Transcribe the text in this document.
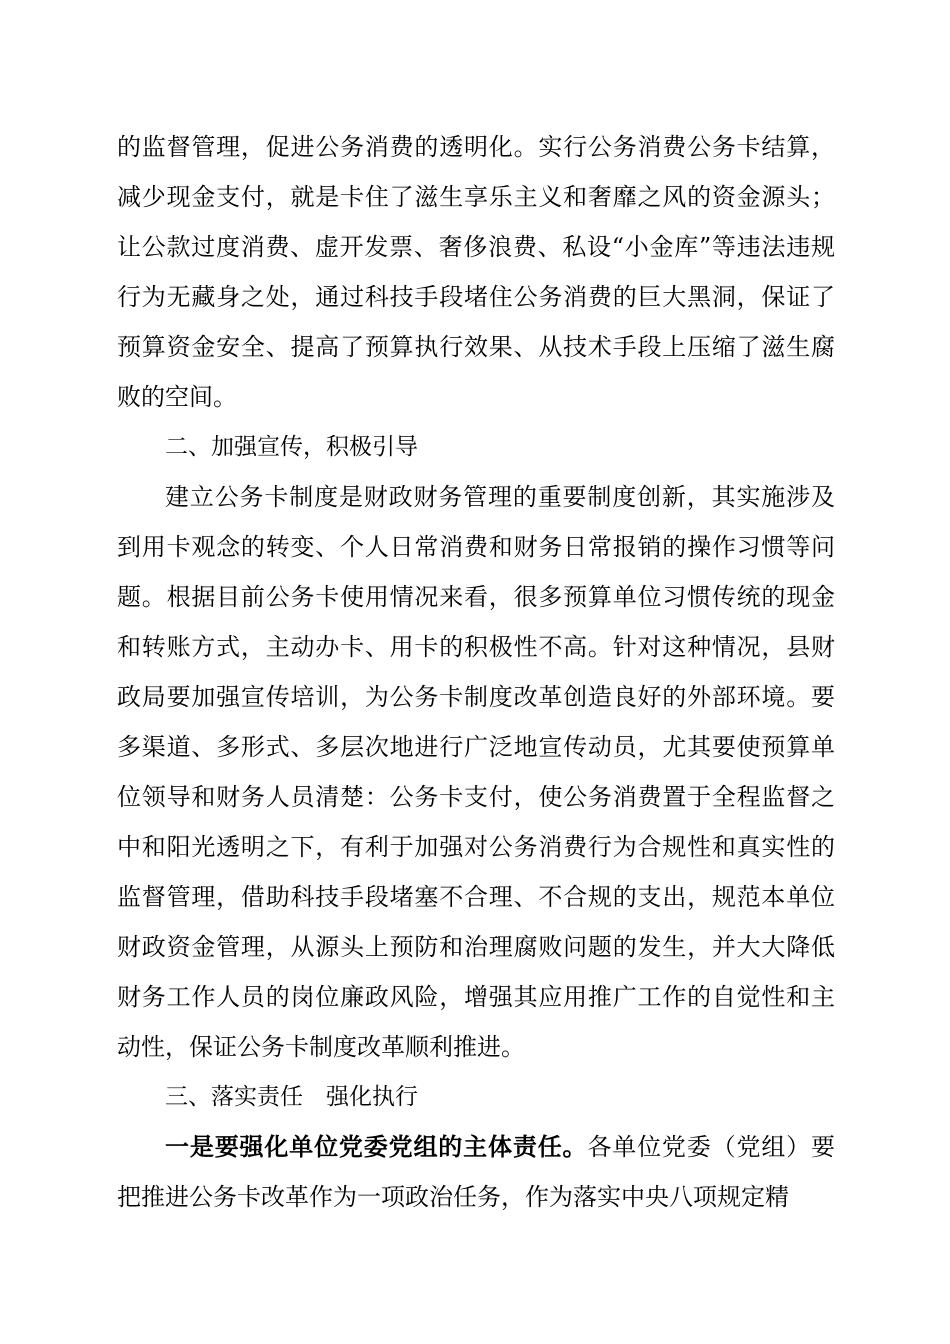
的监督管理，促进公务消费的透明化。实行公务消费公务卡结算，减少现金支付，就是卡住了滋生享乐主义和奢靡之风的资金源头；让公款过度消费、虚开发票、奢侈浪费、私设“小金库”等违法违规行为无藏身之处，通过科技手段堵住公务消费的巨大黑洞，保证了预算资金安全、提高了预算执行效果、从技术手段上压缩了滋生腐败的空间。

二、加强宣传，积极引导

建立公务卡制度是财政财务管理的重要制度创新，其实施涉及到用卡观念的转变、个人日常消费和财务日常报销的操作习惯等问题。根据目前公务卡使用情况来看，很多预算单位习惯传统的现金和转账方式，主动办卡、用卡的积极性不高。针对这种情况，县财政局要加强宣传培训，为公务卡制度改革创造良好的外部环境。要多渠道、多形式、多层次地进行广泛地宣传动员，尤其要使预算单位领导和财务人员清楚：公务卡支付，使公务消费置于全程监督之中和阳光透明之下，有利于加强对公务消费行为合规性和真实性的监督管理，借助科技手段堵塞不合理、不合规的支出，规范本单位财政资金管理，从源头上预防和治理腐败问题的发生，并大大降低财务工作人员的岗位廉政风险，增强其应用推广工作的自觉性和主动性，保证公务卡制度改革顺利推进。

三、落实责任　强化执行

一是要强化单位党委党组的主体责任。各单位党委（党组）要把推进公务卡改革作为一项政治任务，作为落实中央八项规定精
